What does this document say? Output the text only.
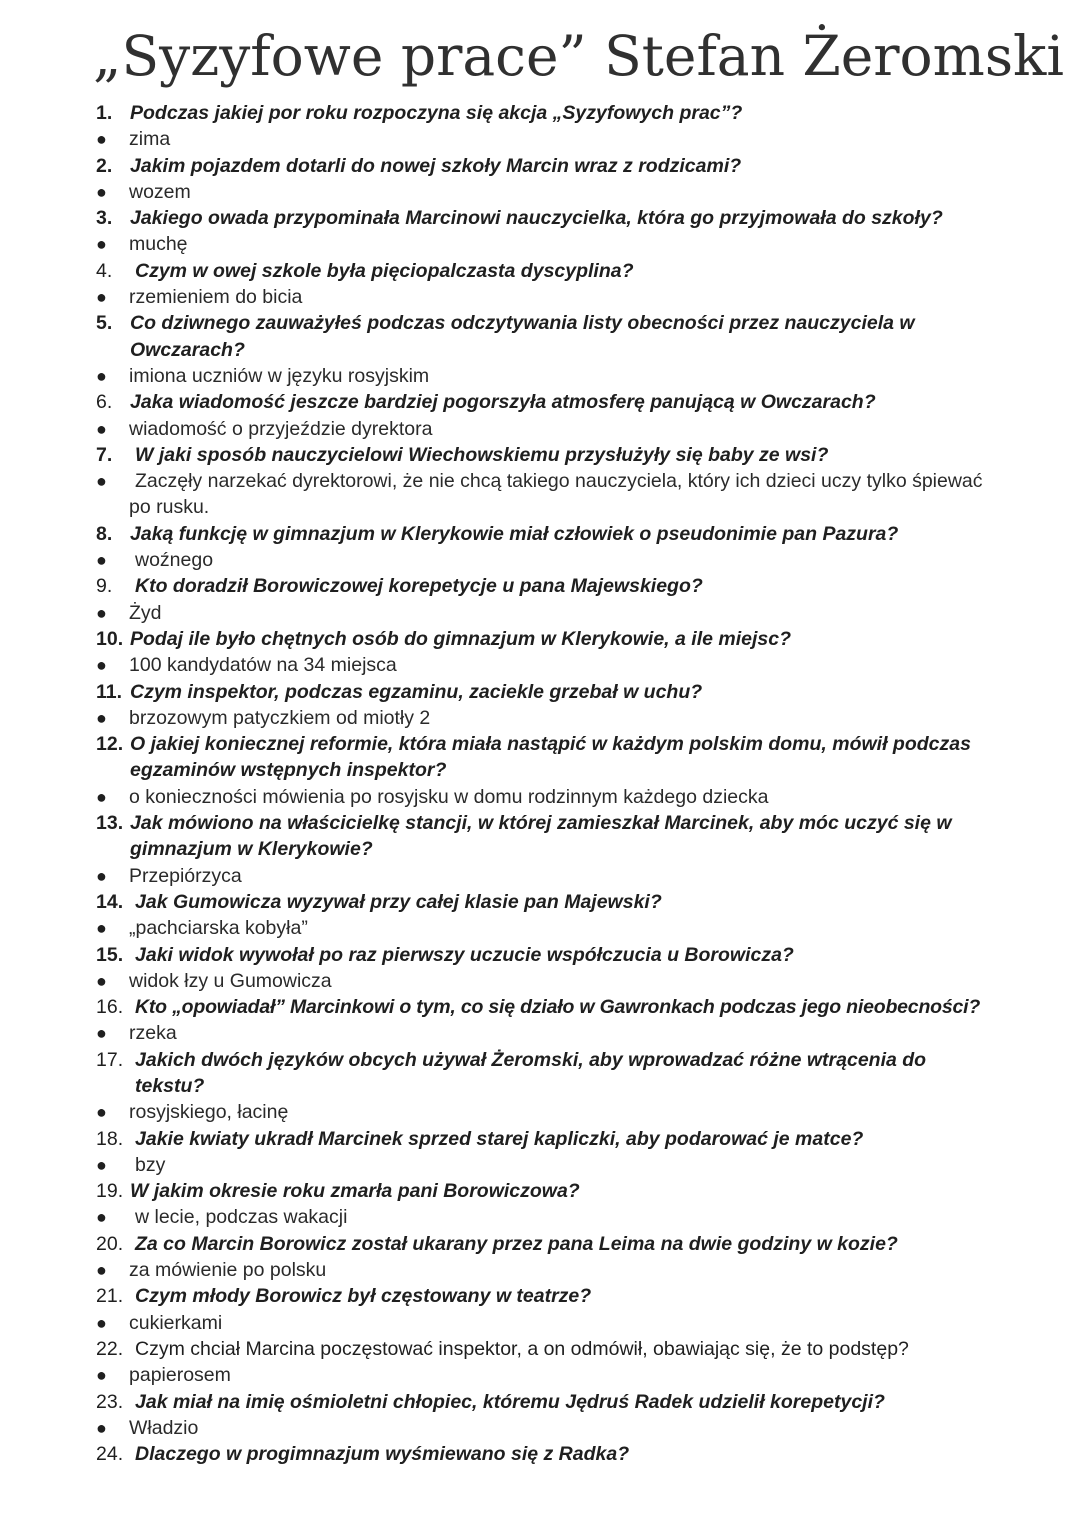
„Syzyfowe prace” Stefan Żeromski
1. Podczas jakiej por roku rozpoczyna się akcja „Syzyfowych prac”?
● zima
2. Jakim pojazdem dotarli do nowej szkoły Marcin wraz z rodzicami?
● wozem
3. Jakiego owada przypominała Marcinowi nauczycielka, która go przyjmowała do szkoły?
● muchę
4. Czym w owej szkole była pięciopalczasta dyscyplina?
● rzemieniem do bicia
5. Co dziwnego zauważyłeś podczas odczytywania listy obecności przez nauczyciela w Owczarach?
● imiona uczniów w języku rosyjskim
6. Jaka wiadomość jeszcze bardziej pogorszyła atmosferę panującą w Owczarach?
● wiadomość o przyjeździe dyrektora
7. W jaki sposób nauczycielowi Wiechowskiemu przysłużyły się baby ze wsi?
●	Zaczęły narzekać dyrektorowi, że nie chcą takiego nauczyciela, który ich dzieci uczy tylko śpiewać po rusku.
8. Jaką funkcję w gimnazjum w Klerykowie miał człowiek o pseudonimie pan Pazura?
● woźnego
9. Kto doradził Borowiczowej korepetycje u pana Majewskiego?
● Żyd
10. Podaj ile było chętnych osób do gimnazjum w Klerykowie, a ile miejsc?
● 100 kandydatów na 34 miejsca
11. Czym inspektor, podczas egzaminu, zaciekle grzebał w uchu?
● brzozowym patyczkiem od miotły 2
12. O jakiej koniecznej reformie, która miała nastąpić w każdym polskim domu, mówił podczas egzaminów wstępnych inspektor?
● o konieczności mówienia po rosyjsku w domu rodzinnym każdego dziecka
13. Jak mówiono na właścicielkę stancji, w której zamieszkał Marcinek, aby móc uczyć się w gimnazjum w Klerykowie?
● Przepiórzyca
14. Jak Gumowicza wyzywał przy całej klasie pan Majewski?
● „pachciarska kobyła”
15. Jaki widok wywołał po raz pierwszy uczucie współczucia u Borowicza?
● widok łzy u Gumowicza
16. Kto „opowiadał” Marcinkowi o tym, co się działo w Gawronkach podczas jego nieobecności?
● rzeka
17. Jakich dwóch języków obcych używał Żeromski, aby wprowadzać różne wtrącenia do tekstu?
● rosyjskiego, łacinę
18. Jakie kwiaty ukradł Marcinek sprzed starej kapliczki, aby podarować je matce?
● bzy
19. W jakim okresie roku zmarła pani Borowiczowa?
● w lecie, podczas wakacji
20. Za co Marcin Borowicz został ukarany przez pana Leima na dwie godziny w kozie?
● za mówienie po polsku
21. Czym młody Borowicz był częstowany w teatrze?
● cukierkami
22. Czym chciał Marcina poczęstować inspektor, a on odmówił, obawiając się, że to podstęp?
● papierosem
23. Jak miał na imię ośmioletni chłopiec, któremu Jędruś Radek udzielił korepetycji?
● Władzio
24. Dlaczego w progimnazjum wyśmiewano się z Radka?
